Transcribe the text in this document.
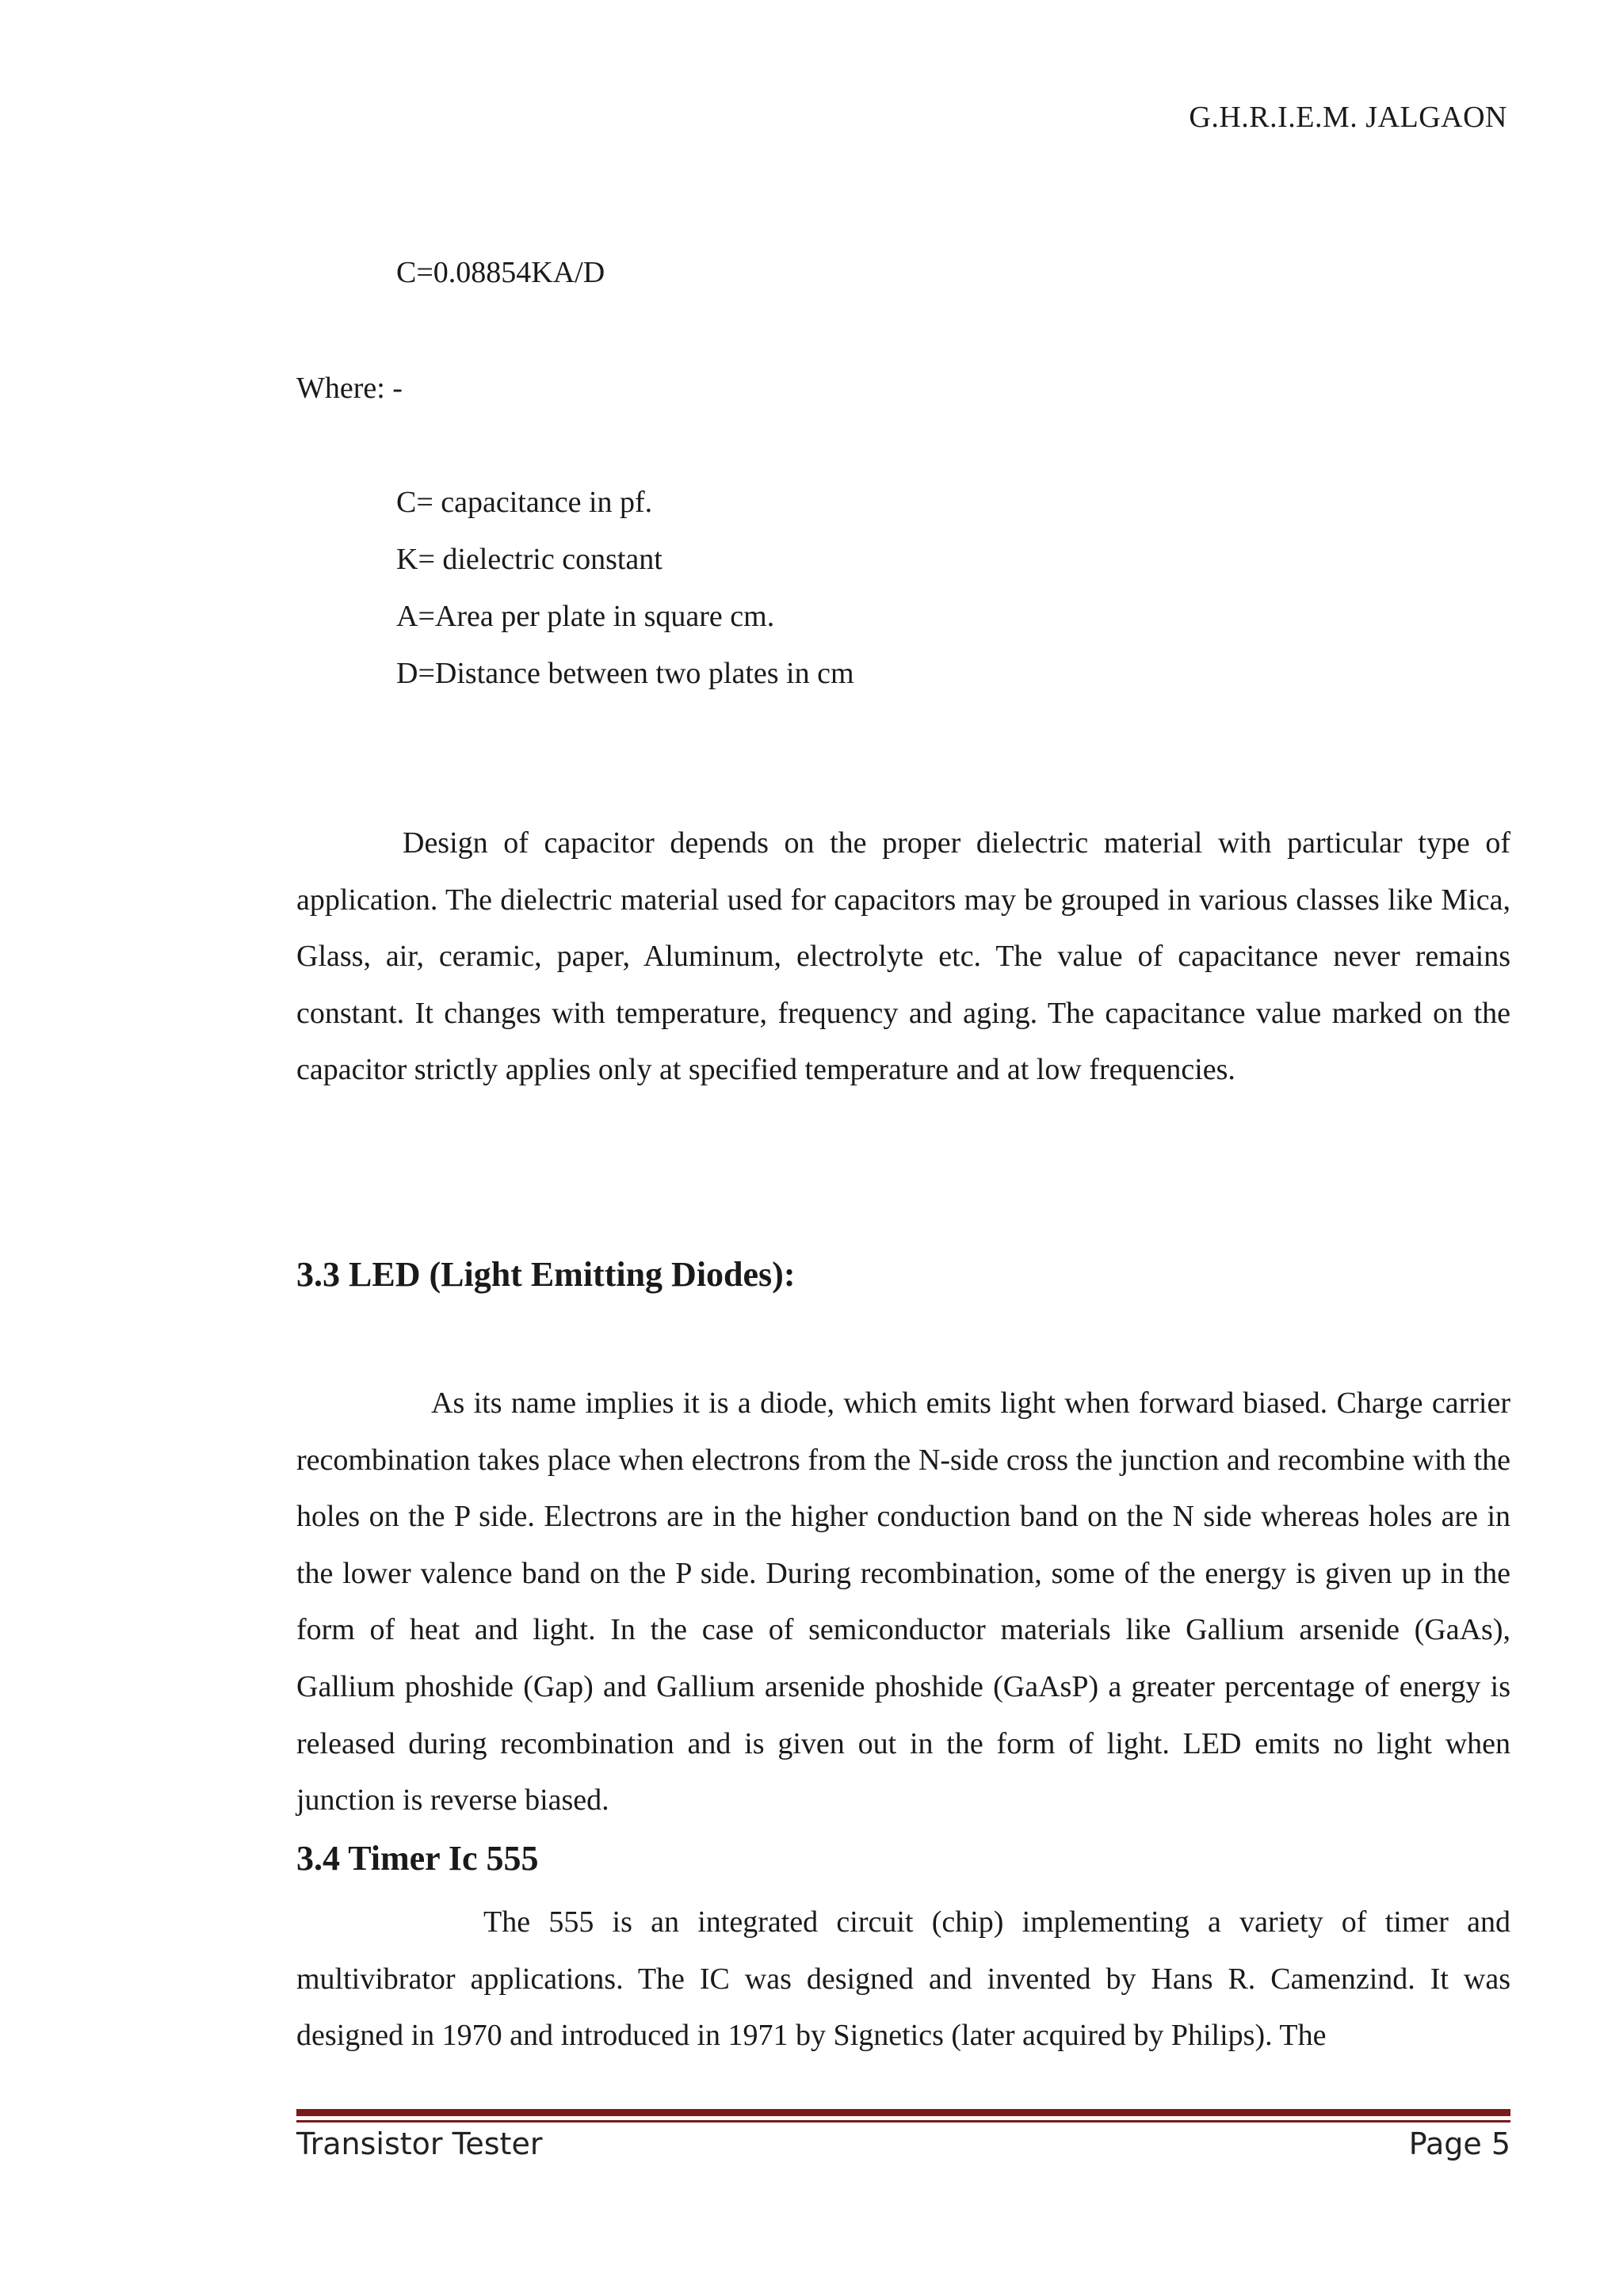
G.H.R.I.E.M. JALGAON
C=0.08854KA/D
Where: -
C= capacitance in pf.
K= dielectric constant
A=Area per plate in square cm.
D=Distance between two plates in cm
Design of capacitor depends on the proper dielectric material with particular type of application. The dielectric material used for capacitors may be grouped in various classes like Mica, Glass, air, ceramic, paper, Aluminum, electrolyte etc. The value of capacitance never remains constant. It changes with temperature, frequency and aging. The capacitance value marked on the capacitor strictly applies only at specified temperature and at low frequencies.
3.3 LED (Light Emitting Diodes):
As its name implies it is a diode, which emits light when forward biased. Charge carrier recombination takes place when electrons from the N-side cross the junction and recombine with the holes on the P side. Electrons are in the higher conduction band on the N side whereas holes are in the lower valence band on the P side. During recombination, some of the energy is given up in the form of heat and light. In the case of semiconductor materials like Gallium arsenide (GaAs), Gallium phoshide (Gap) and Gallium arsenide phoshide (GaAsP) a greater percentage of energy is released during recombination and is given out in the form of light. LED emits no light when junction is reverse biased.
3.4 Timer Ic 555
The 555 is an integrated circuit (chip) implementing a variety of timer and multivibrator applications. The IC was designed and invented by Hans R. Camenzind. It was designed in 1970 and introduced in 1971 by Signetics (later acquired by Philips). The
Transistor Tester	Page 5
